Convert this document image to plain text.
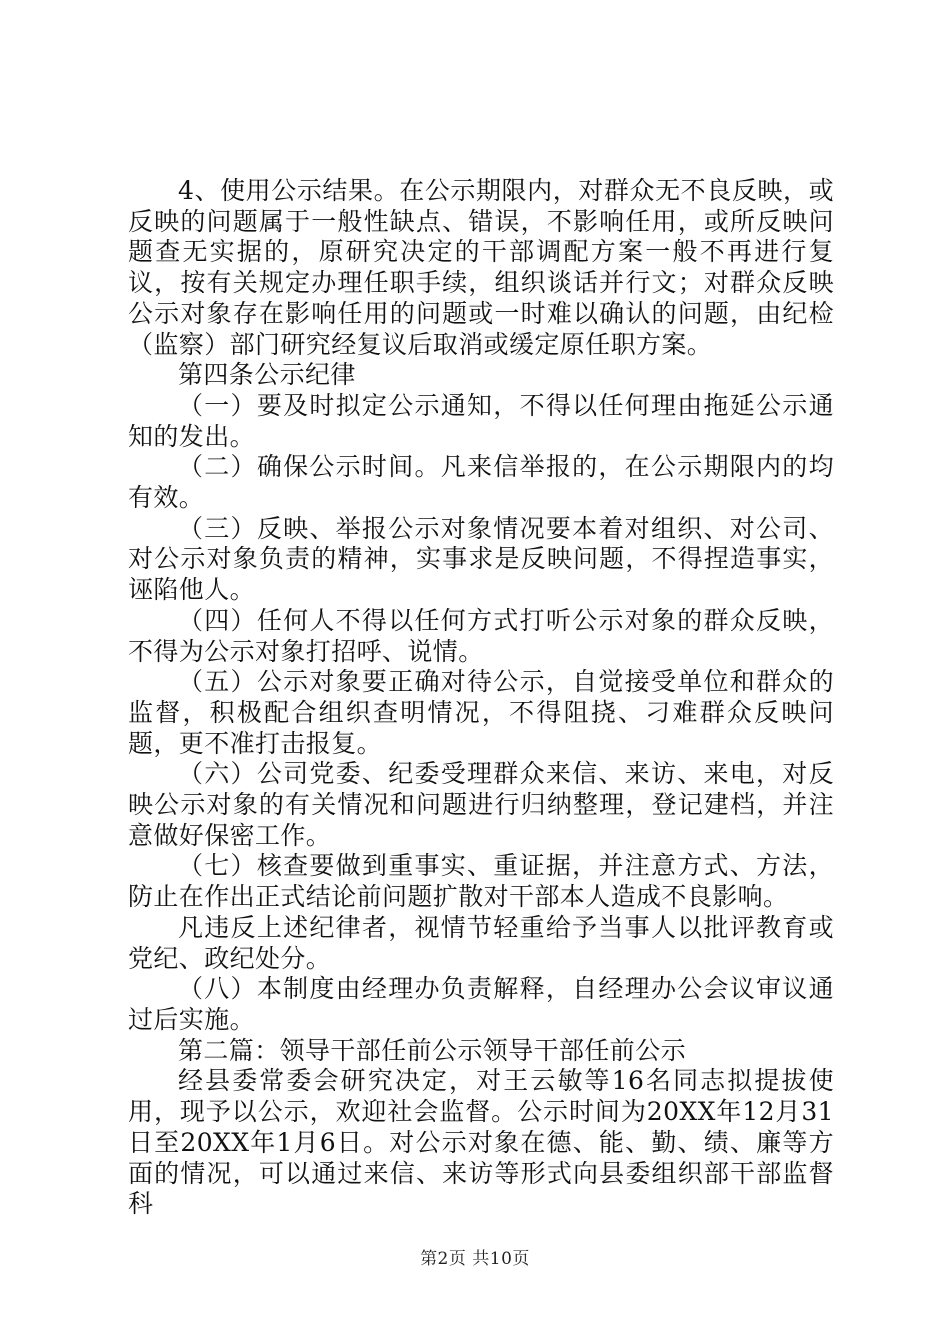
4、使用公示结果。在公示期限内，对群众无不良反映，或反映的问题属于一般性缺点、错误，不影响任用，或所反映问题查无实据的，原研究决定的干部调配方案一般不再进行复议，按有关规定办理任职手续，组织谈话并行文；对群众反映公示对象存在影响任用的问题或一时难以确认的问题，由纪检（监察）部门研究经复议后取消或缓定原任职方案。

第四条公示纪律

（一）要及时拟定公示通知，不得以任何理由拖延公示通知的发出。

（二）确保公示时间。凡来信举报的，在公示期限内的均有效。

（三）反映、举报公示对象情况要本着对组织、对公司、对公示对象负责的精神，实事求是反映问题，不得捏造事实，诬陷他人。

（四）任何人不得以任何方式打听公示对象的群众反映，不得为公示对象打招呼、说情。

（五）公示对象要正确对待公示，自觉接受单位和群众的监督，积极配合组织查明情况，不得阻挠、刁难群众反映问题，更不准打击报复。

（六）公司党委、纪委受理群众来信、来访、来电，对反映公示对象的有关情况和问题进行归纳整理，登记建档，并注意做好保密工作。

（七）核查要做到重事实、重证据，并注意方式、方法，防止在作出正式结论前问题扩散对干部本人造成不良影响。

凡违反上述纪律者，视情节轻重给予当事人以批评教育或党纪、政纪处分。

（八）本制度由经理办负责解释，自经理办公会议审议通过后实施。

第二篇：领导干部任前公示领导干部任前公示

经县委常委会研究决定，对王云敏等16名同志拟提拔使用，现予以公示，欢迎社会监督。公示时间为20XX年12月31日至20XX年1月6日。对公示对象在德、能、勤、绩、廉等方面的情况，可以通过来信、来访等形式向县委组织部干部监督科

第2页 共10页
